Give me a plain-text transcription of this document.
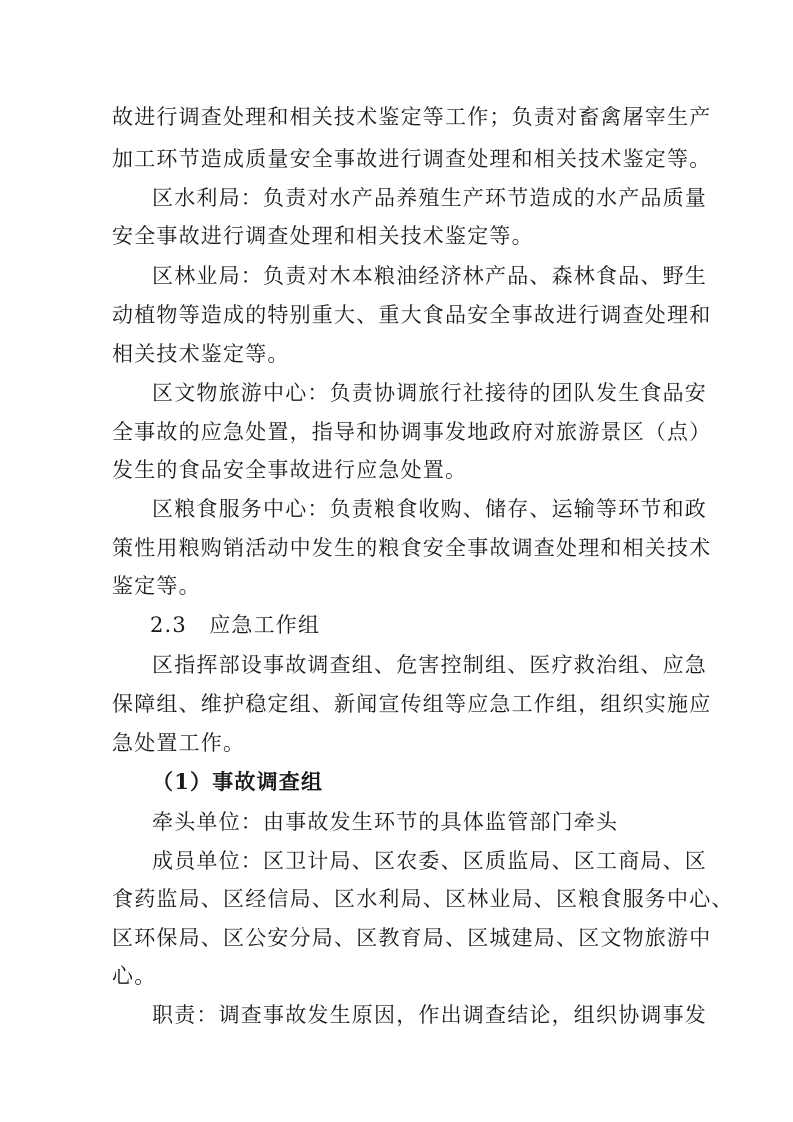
故进行调查处理和相关技术鉴定等工作；负责对畜禽屠宰生产
加工环节造成质量安全事故进行调查处理和相关技术鉴定等。
区水利局：负责对水产品养殖生产环节造成的水产品质量
安全事故进行调查处理和相关技术鉴定等。
区林业局：负责对木本粮油经济林产品、森林食品、野生
动植物等造成的特别重大、重大食品安全事故进行调查处理和
相关技术鉴定等。
区文物旅游中心：负责协调旅行社接待的团队发生食品安
全事故的应急处置，指导和协调事发地政府对旅游景区（点）
发生的食品安全事故进行应急处置。
区粮食服务中心：负责粮食收购、储存、运输等环节和政
策性用粮购销活动中发生的粮食安全事故调查处理和相关技术
鉴定等。
2.3　应急工作组
区指挥部设事故调查组、危害控制组、医疗救治组、应急
保障组、维护稳定组、新闻宣传组等应急工作组，组织实施应
急处置工作。
（1）事故调查组
牵头单位：由事故发生环节的具体监管部门牵头
成员单位：区卫计局、区农委、区质监局、区工商局、区
食药监局、区经信局、区水利局、区林业局、区粮食服务中心、
区环保局、区公安分局、区教育局、区城建局、区文物旅游中
心。
职责：调查事故发生原因，作出调查结论，组织协调事发
